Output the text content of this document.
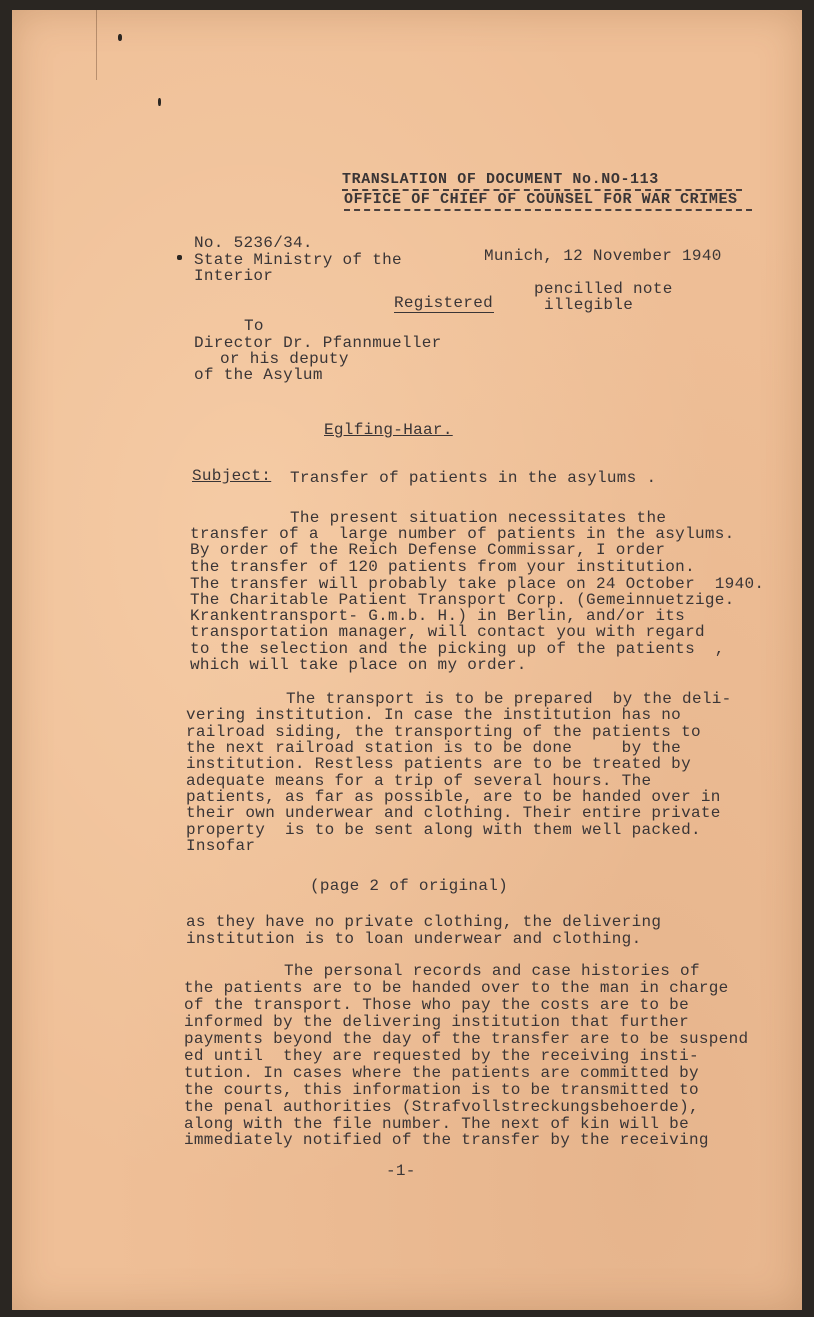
TRANSLATION OF DOCUMENT No.NO-113
OFFICE OF CHIEF OF COUNSEL FOR WAR CRIMES
No. 5236/34.
State Ministry of the
Interior
Munich, 12 November 1940
pencilled note
illegible
Registered
To
Director Dr. Pfannmueller
or his deputy
of the Asylum
Eglfing-Haar.
Subject: Transfer of patients in the asylums .
The present situation necessitates the
transfer of a  large number of patients in the asylums.
By order of the Reich Defense Commissar, I order
the transfer of 120 patients from your institution.
The transfer will probably take place on 24 October  1940.
The Charitable Patient Transport Corp. (Gemeinnuetzige.
Krankentransport- G.m.b. H.) in Berlin, and/or its
transportation manager, will contact you with regard
to the selection and the picking up of the patients  ,
which will take place on my order.
The transport is to be prepared  by the deli-
vering institution. In case the institution has no
railroad siding, the transporting of the patients to
the next railroad station is to be done     by the
institution. Restless patients are to be treated by
adequate means for a trip of several hours. The
patients, as far as possible, are to be handed over in
their own underwear and clothing. Their entire private
property  is to be sent along with them well packed.
Insofar
(page 2 of original)
as they have no private clothing, the delivering
institution is to loan underwear and clothing.
The personal records and case histories of
the patients are to be handed over to the man in charge
of the transport. Those who pay the costs are to be
informed by the delivering institution that further
payments beyond the day of the transfer are to be suspend
ed until  they are requested by the receiving insti-
tution. In cases where the patients are committed by
the courts, this information is to be transmitted to
the penal authorities (Strafvollstreckungsbehoerde),
along with the file number. The next of kin will be
immediately notified of the transfer by the receiving
-1-
